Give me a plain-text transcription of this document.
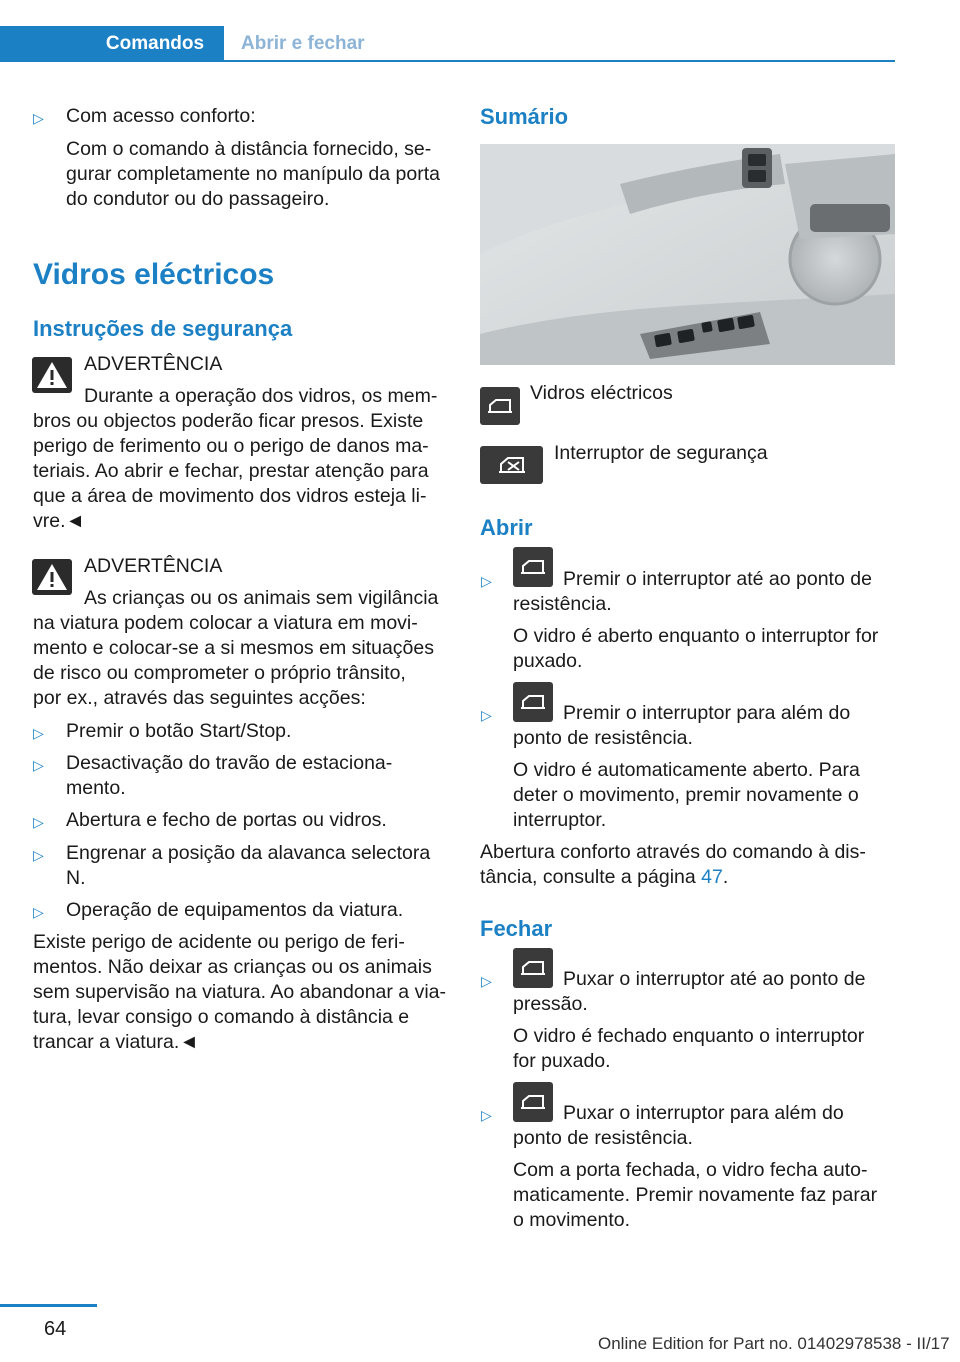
Comandos	Abrir e fechar
▷ Com acesso conforto:
Com o comando à distância fornecido, se-
gurar completamente no manípulo da porta
do condutor ou do passageiro.
Vidros eléctricos
Instruções de segurança
ADVERTÊNCIA
Durante a operação dos vidros, os mem-
bros ou objectos poderão ficar presos. Existe
perigo de ferimento ou o perigo de danos ma-
teriais. Ao abrir e fechar, prestar atenção para
que a área de movimento dos vidros esteja li-
vre.◄
ADVERTÊNCIA
As crianças ou os animais sem vigilância
na viatura podem colocar a viatura em movi-
mento e colocar-se a si mesmos em situações
de risco ou comprometer o próprio trânsito,
por ex., através das seguintes acções:
▷ Premir o botão Start/Stop.
▷ Desactivação do travão de estaciona-
mento.
▷ Abertura e fecho de portas ou vidros.
▷ Engrenar a posição da alavanca selectora
N.
▷ Operação de equipamentos da viatura.
Existe perigo de acidente ou perigo de feri-
mentos. Não deixar as crianças ou os animais
sem supervisão na viatura. Ao abandonar a via-
tura, levar consigo o comando à distância e
trancar a viatura.◄
Sumário
Vidros eléctricos
Interruptor de segurança
Abrir
▷	Premir o interruptor até ao ponto de
resistência.
O vidro é aberto enquanto o interruptor for
puxado.
▷	Premir o interruptor para além do
ponto de resistência.
O vidro é automaticamente aberto. Para
deter o movimento, premir novamente o
interruptor.
Abertura conforto através do comando à dis-
tância, consulte a página 47.
Fechar
▷	Puxar o interruptor até ao ponto de
pressão.
O vidro é fechado enquanto o interruptor
for puxado.
▷	Puxar o interruptor para além do
ponto de resistência.
Com a porta fechada, o vidro fecha auto-
maticamente. Premir novamente faz parar
o movimento.
64
Online Edition for Part no. 01402978538 - II/17
